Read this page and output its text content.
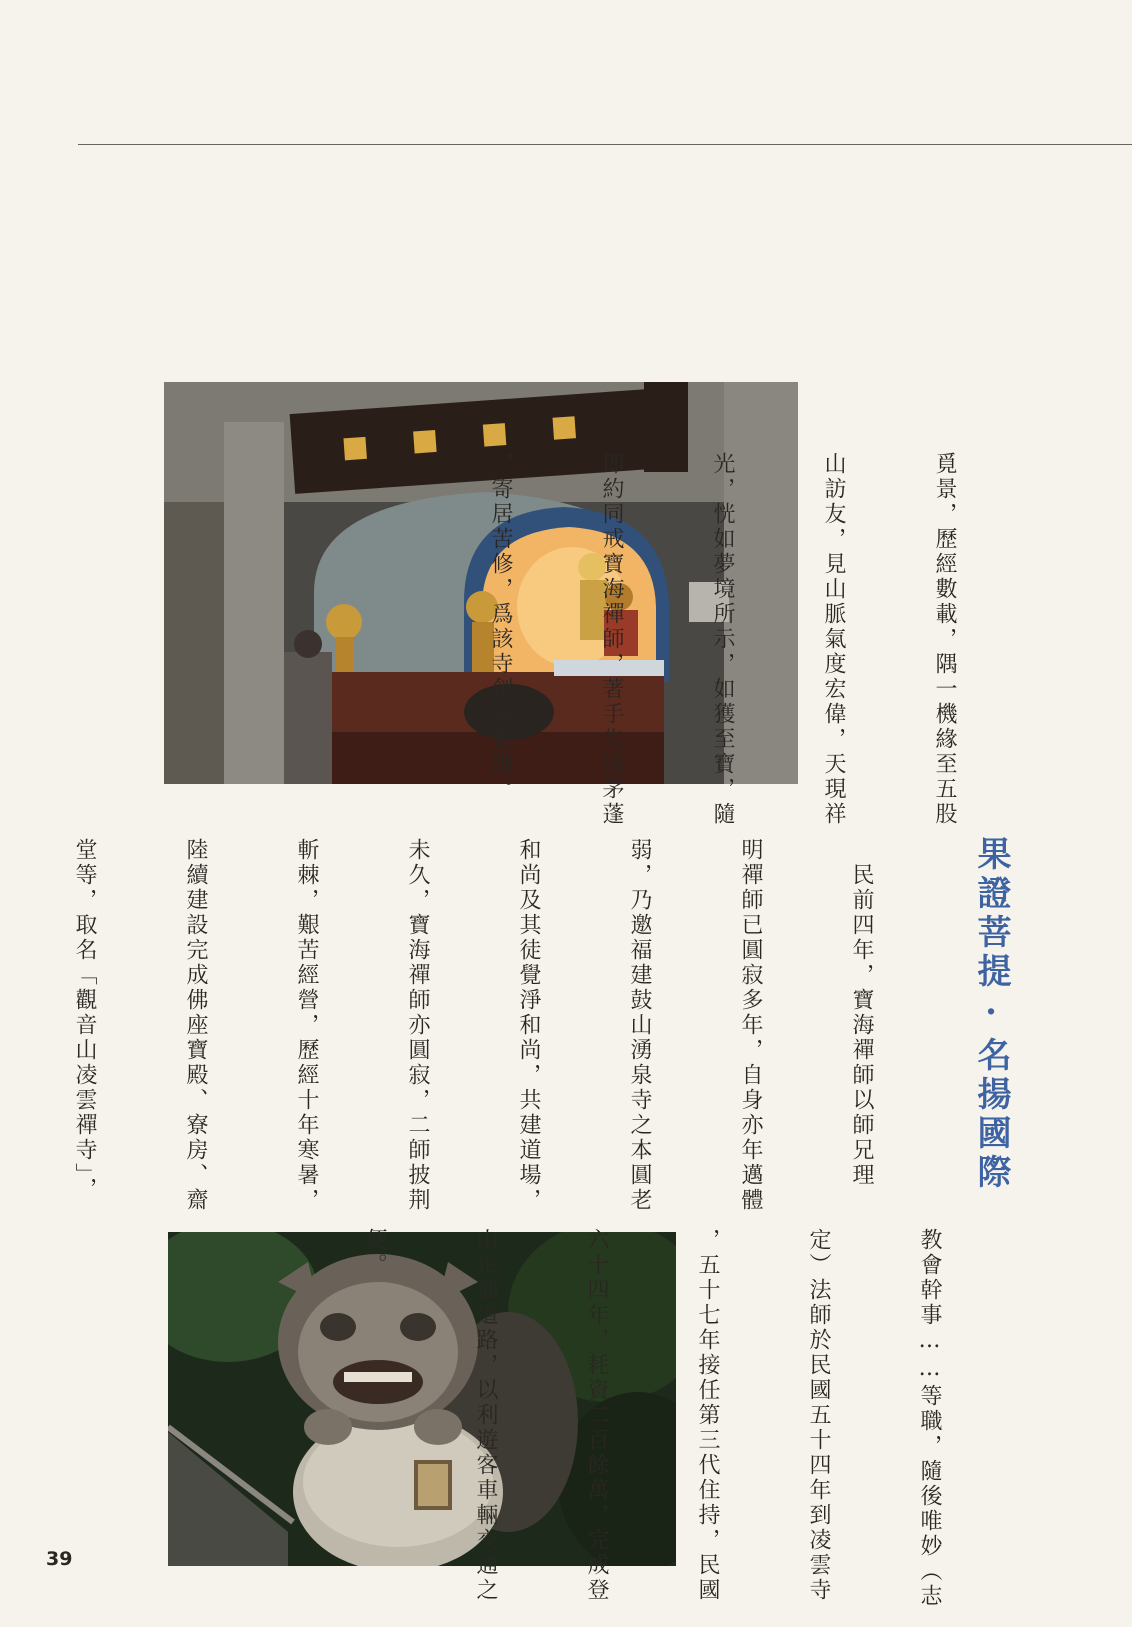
覓景，歷經數載，隅一機緣至五股

山訪友，見山脈氣度宏偉，天現祥

光，恍如夢境所示，如獲至寶，隨

即約同戒寶海禪師，著手先搭茅蓬

，寄居苦修，爲該寺創基祖師。

果證菩提·名揚國際

　民前四年，寶海禪師以師兄理

明禪師已圓寂多年，自身亦年邁體

弱，乃邀福建鼓山湧泉寺之本圓老

和尚及其徒覺淨和尚，共建道場，

未久，寶海禪師亦圓寂，二師披荆

斬棘，艱苦經營，歷經十年寒暑，

陸續建設完成佛座寶殿、寮房、齋

堂等，取名「觀音山凌雲禪寺」，

教會幹事……等職，隨後唯妙（志

定）法師於民國五十四年到凌雲寺

，五十七年接任第三代住持，民國

六十四年，耗資二百餘萬，完成登

山柏油道路，以利遊客車輛交通之

便。

39
